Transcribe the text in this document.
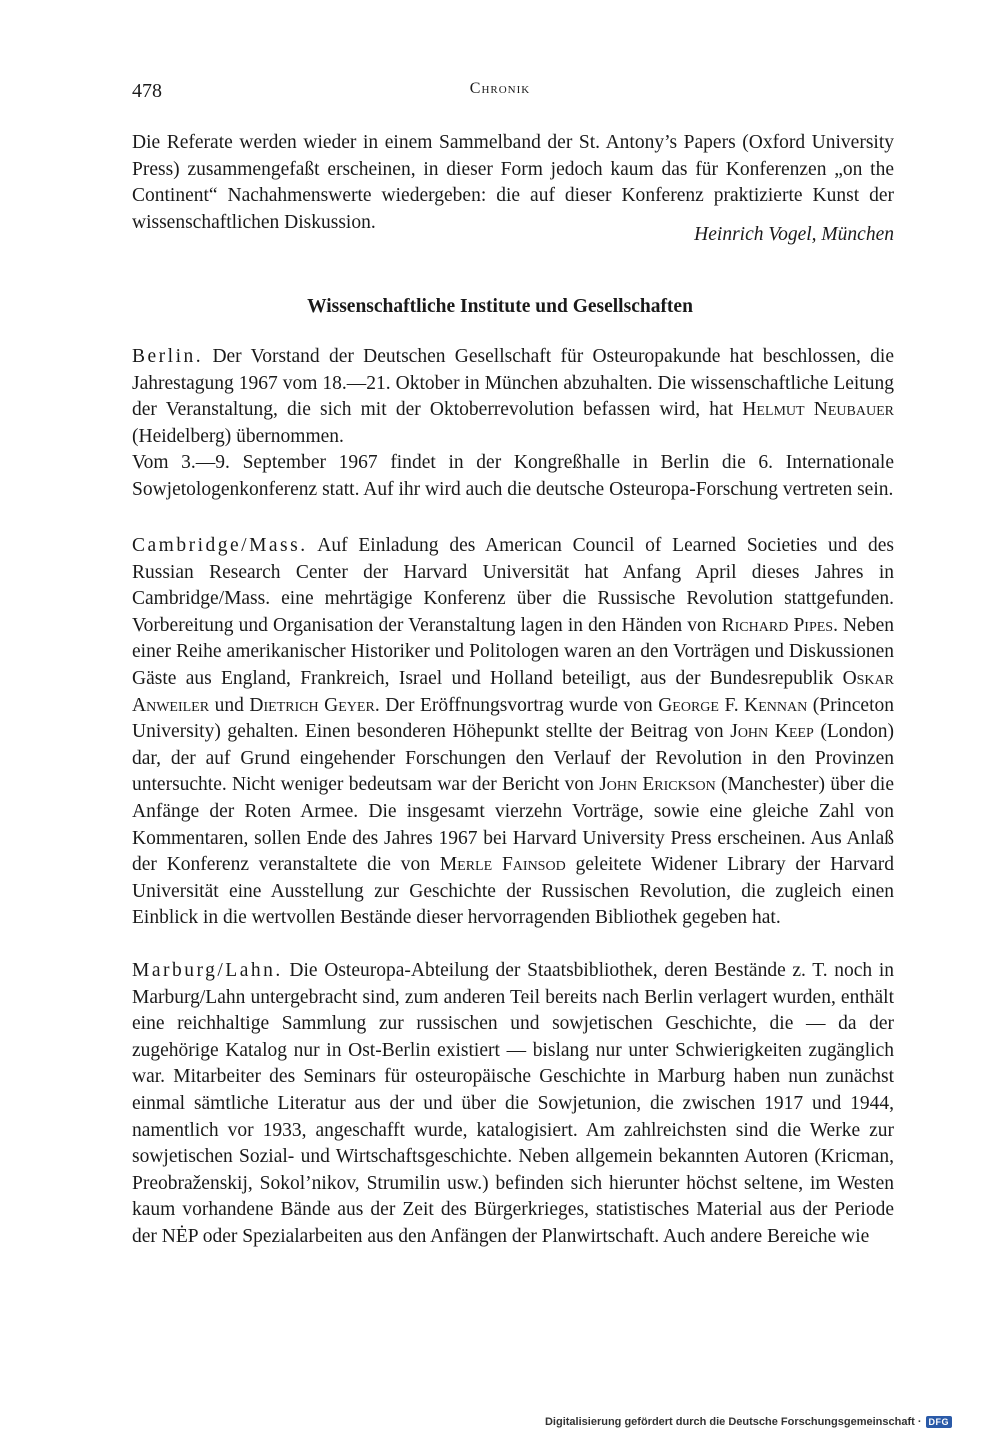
478	Chronik

Die Referate werden wieder in einem Sammelband der St. Antony’s Papers (Oxford University Press) zusammengefaßt erscheinen, in dieser Form jedoch kaum das für Konferenzen „on the Continent“ Nachahmenswerte wiedergeben: die auf dieser Konferenz praktizierte Kunst der wissenschaftlichen Diskussion.

Heinrich Vogel, München
Wissenschaftliche Institute und Gesellschaften

Berlin. Der Vorstand der Deutschen Gesellschaft für Osteuropakunde hat beschlossen, die Jahrestagung 1967 vom 18.—21. Oktober in München abzuhalten. Die wissenschaftliche Leitung der Veranstaltung, die sich mit der Oktoberrevolution befassen wird, hat Helmut Neubauer (Heidelberg) übernommen.

Vom 3.—9. September 1967 findet in der Kongreßhalle in Berlin die 6. Internationale Sowjetologenkonferenz statt. Auf ihr wird auch die deutsche Osteuropa-Forschung vertreten sein.

Cambridge/Mass. Auf Einladung des American Council of Learned Societies und des Russian Research Center der Harvard Universität hat Anfang April dieses Jahres in Cambridge/Mass. eine mehrtägige Konferenz über die Russische Revolution stattgefunden. Vorbereitung und Organisation der Veranstaltung lagen in den Händen von Richard Pipes. Neben einer Reihe amerikanischer Historiker und Politologen waren an den Vorträgen und Diskussionen Gäste aus England, Frankreich, Israel und Holland beteiligt, aus der Bundesrepublik Oskar Anweiler und Dietrich Geyer. Der Eröffnungsvortrag wurde von George F. Kennan (Princeton University) gehalten. Einen besonderen Höhepunkt stellte der Beitrag von John Keep (London) dar, der auf Grund eingehender Forschungen den Verlauf der Revolution in den Provinzen untersuchte. Nicht weniger bedeutsam war der Bericht von John Erickson (Manchester) über die Anfänge der Roten Armee. Die insgesamt vierzehn Vorträge, sowie eine gleiche Zahl von Kommentaren, sollen Ende des Jahres 1967 bei Harvard University Press erscheinen. Aus Anlaß der Konferenz veranstaltete die von Merle Fainsod geleitete Widener Library der Harvard Universität eine Ausstellung zur Geschichte der Russischen Revolution, die zugleich einen Einblick in die wertvollen Bestände dieser hervorragenden Bibliothek gegeben hat.

Marburg/Lahn. Die Osteuropa-Abteilung der Staatsbibliothek, deren Bestände z. T. noch in Marburg/Lahn untergebracht sind, zum anderen Teil bereits nach Berlin verlagert wurden, enthält eine reichhaltige Sammlung zur russischen und sowjetischen Geschichte, die — da der zugehörige Katalog nur in Ost-Berlin existiert — bislang nur unter Schwierigkeiten zugänglich war. Mitarbeiter des Seminars für osteuropäische Geschichte in Marburg haben nun zunächst einmal sämtliche Literatur aus der und über die Sowjetunion, die zwischen 1917 und 1944, namentlich vor 1933, angeschafft wurde, katalogisiert. Am zahlreichsten sind die Werke zur sowjetischen Sozial- und Wirtschaftsgeschichte. Neben allgemein bekannten Autoren (Kricman, Preobraženskij, Sokol’nikov, Strumilin usw.) befinden sich hierunter höchst seltene, im Westen kaum vorhandene Bände aus der Zeit des Bürgerkrieges, statistisches Material aus der Periode der NĖP oder Spezialarbeiten aus den Anfängen der Planwirtschaft. Auch andere Bereiche wie

Digitalisierung gefördert durch die Deutsche Forschungsgemeinschaft · DFG
